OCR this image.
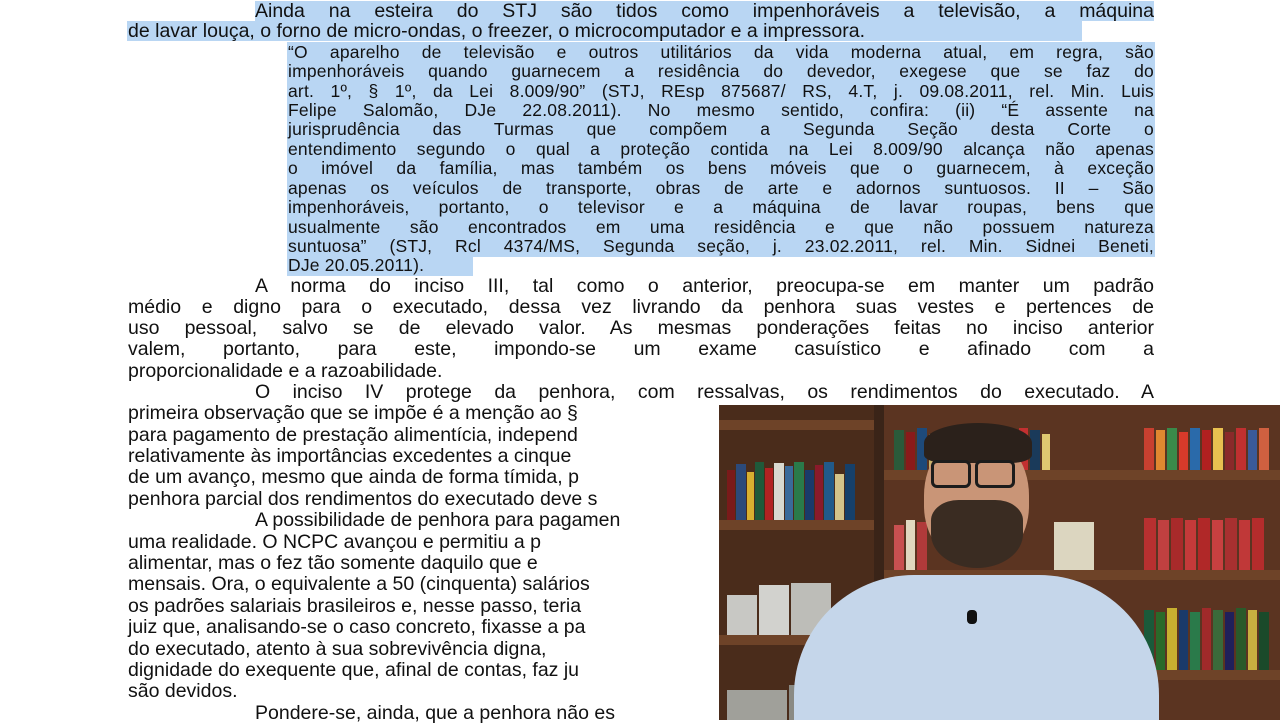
Ainda na esteira do STJ são tidos como impenhoráveis a televisão, a máquina
de lavar louça, o forno de micro-ondas, o freezer, o microcomputador e a impressora.
“O aparelho de televisão e outros utilitários da vida moderna atual, em regra, são
impenhoráveis quando guarnecem a residência do devedor, exegese que se faz do
art. 1º, § 1º, da Lei 8.009/90” (STJ, REsp 875687/ RS, 4.T, j. 09.08.2011, rel. Min. Luis
Felipe Salomão, DJe 22.08.2011). No mesmo sentido, confira: (ii) “É assente na
jurisprudência das Turmas que compõem a Segunda Seção desta Corte o
entendimento segundo o qual a proteção contida na Lei 8.009/90 alcança não apenas
o imóvel da família, mas também os bens móveis que o guarnecem, à exceção
apenas os veículos de transporte, obras de arte e adornos suntuosos. II – São
impenhoráveis, portanto, o televisor e a máquina de lavar roupas, bens que
usualmente são encontrados em uma residência e que não possuem natureza
suntuosa” (STJ, Rcl 4374/MS, Segunda seção, j. 23.02.2011, rel. Min. Sidnei Beneti,
DJe 20.05.2011).
A norma do inciso III, tal como o anterior, preocupa-se em manter um padrão
médio e digno para o executado, dessa vez livrando da penhora suas vestes e pertences de
uso pessoal, salvo se de elevado valor. As mesmas ponderações feitas no inciso anterior
valem, portanto, para este, impondo-se um exame casuístico e afinado com a
proporcionalidade e a razoabilidade.
O inciso IV protege da penhora, com ressalvas, os rendimentos do executado. A
primeira observação que se impõe é a menção ao §
para pagamento de prestação alimentícia, independ
relativamente às importâncias excedentes a cinque
de um avanço, mesmo que ainda de forma tímida, p
penhora parcial dos rendimentos do executado deve s
A possibilidade de penhora para pagamen
uma realidade. O NCPC avançou e permitiu a p
alimentar, mas o fez tão somente daquilo que e
mensais. Ora, o equivalente a 50 (cinquenta) salários
os padrões salariais brasileiros e, nesse passo, teria
juiz que, analisando-se o caso concreto, fixasse a pa
do executado, atento à sua sobrevivência digna,
dignidade do exequente que, afinal de contas, faz ju
são devidos.
Pondere-se, ainda, que a penhora não es
